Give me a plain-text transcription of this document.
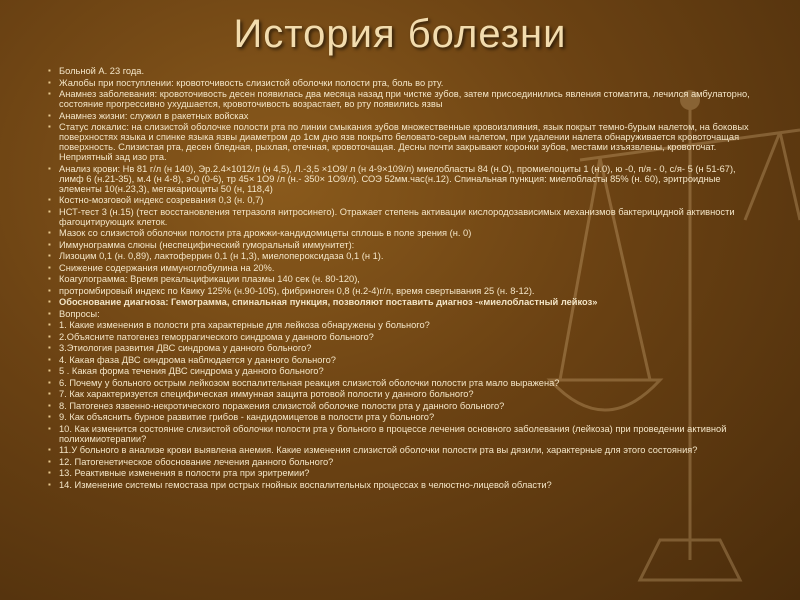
История болезни
▪ Больной А. 23 года.
▪ Жалобы при поступлении: кровоточивость слизистой оболочки полости рта, боль во рту.
▪ Анамнез заболевания: кровоточивость десен появилась два месяца назад при чистке зубов, затем присоединились явления стоматита, лечился амбулаторно, состояние прогрессивно ухудшается, кровоточивость возрастает, во рту появились язвы
▪ Анамнез жизни: служил в ракетных войсках
▪ Статус локалис: на слизистой оболочке полости рта по линии смыкания зубов множественные кровоизлияния, язык покрыт темно-бурым налетом, на боковых поверхностях языка и спинке языка язвы диаметром до 1см дно язв покрыто беловато-серым налетом, при удалении налета обнаруживается кровоточащая поверхность. Слизистая рта, десен бледная, рыхлая, отечная, кровоточащая. Десны почти закрывают коронки зубов, местами изъязвлены, кровоточат. Неприятный зад изо рта.
▪ Анализ крови: Нв 81 г/л (н 140), Эр.2.4×1012/л (н 4,5), Л.-3,5 ×1О9/ л (н 4-9×109/л) миелобласты 84 (н.О), промиелоциты 1 (н.0), ю -0, п/я - 0, с/я- 5 (н 51-67), лимф 6 (н.21-35), м.4 (н 4-8), э-0 (0-6), тр 45× 1О9 /л (н.- 350× 1О9/л). СОЭ 52мм.час(н.12). Спинальная пункция: миелобласты 85% (н. 60), эритроидные элементы 10(н.23,3), мегакариоциты 50 (н, 118,4)
▪ Костно-мозговой индекс созревания 0,3 (н. 0,7)
▪ НСТ-тест 3 (н.15) (тест восстановления тетразоля нитросинего). Отражает степень активации кислородозависимых механизмов бактерицидной активности фагоцитирующих клеток.
▪ Мазок со слизистой оболочки полости рта дрожжи-кандидомицеты сплошь в поле зрения (н. 0)
▪ Иммунограмма слюны (неспецифический гуморальный иммунитет):
▪ Лизоцим 0,1 (н. 0,89), лактоферрин 0,1 (н 1,3), миелопероксидаза 0,1 (н 1).
▪ Снижение содержания иммуноглобулина на 20%.
▪ Коагулограмма: Время рекальцификации плазмы 140 сек (н. 80-120),
▪ протромбировый индекс по Квику 125% (н.90-105), фибриноген 0,8 (н.2-4)г/л, время свертывания 25 (н. 8-12).
▪ Обоснование диагноза: Гемограмма, спинальная пункция, позволяют поставить диагноз -«миелобластный лейкоз»
▪ Вопросы:
▪ 1. Какие изменения в полости рта характерные для лейкоза обнаружены у больного?
▪ 2.Объясните патогенез геморрагического синдрома у данного больного?
▪ 3.Этиология развития ДВС синдрома у данного больного?
▪ 4. Какая фаза ДВС синдрома наблюдается у данного больного?
▪ 5 . Какая форма течения ДВС синдрома у данного больного?
▪ 6. Почему у больного острым лейкозом воспалительная реакция слизистой оболочки полости рта мало выражена?
▪ 7. Как характеризуется специфическая иммунная защита ротовой полости у данного больного?
▪ 8. Патогенез язвенно-некротического поражения слизистой оболочке полости рта у данного больного?
▪ 9. Как объяснить бурное развитие грибов - кандидомицетов в полости рта у больного?
▪ 10. Как изменится состояние слизистой оболочки полости рта у больного в процессе лечения основного заболевания (лейкоза) при проведении активной полихимиотерапии?
▪ 11.У больного в анализе крови выявлена анемия. Какие изменения слизистой оболочки полости рта вы дязили, характерные для этого состояния?
▪ 12. Патогенетическое обоснование лечения данного больного?
▪ 13. Реактивные изменения в полости рта при эритремии?
▪ 14. Изменение системы гемостаза при острых гнойных воспалительных процессах в челюстно-лицевой области?
